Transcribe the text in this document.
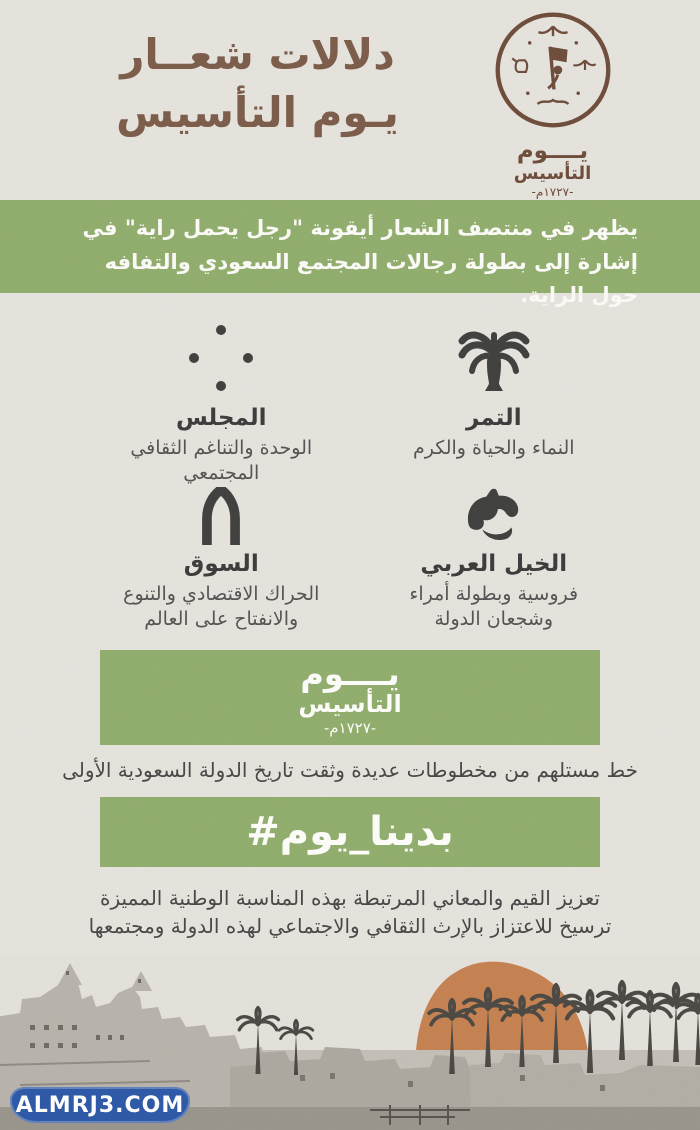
يــــوم
التأسيس
-١٧٢٧م-
دلالات شعــار
يـوم التأسيس
يظهر في منتصف الشعار أيقونة "رجل يحمل راية" في إشارة إلى بطولة رجالات المجتمع السعودي والتفافه حول الراية.
التمر
النماء والحياة والكرم
المجلس
الوحدة والتناغم الثقافي المجتمعي
الخيل العربي
فروسية وبطولة أمراء وشجعان الدولة
السوق
الحراك الاقتصادي والتنوع والانفتاح على العالم
يــــوم
التأسيس
-١٧٢٧م-
خط مستلهم من مخطوطات عديدة وثقت تاريخ الدولة السعودية الأولى
#يوم_بدينا
تعزيز القيم والمعاني المرتبطة بهذه المناسبة الوطنية المميزة
ترسيخ للاعتزاز بالإرث الثقافي والاجتماعي لهذه الدولة ومجتمعها
ALMRJ3.COM
